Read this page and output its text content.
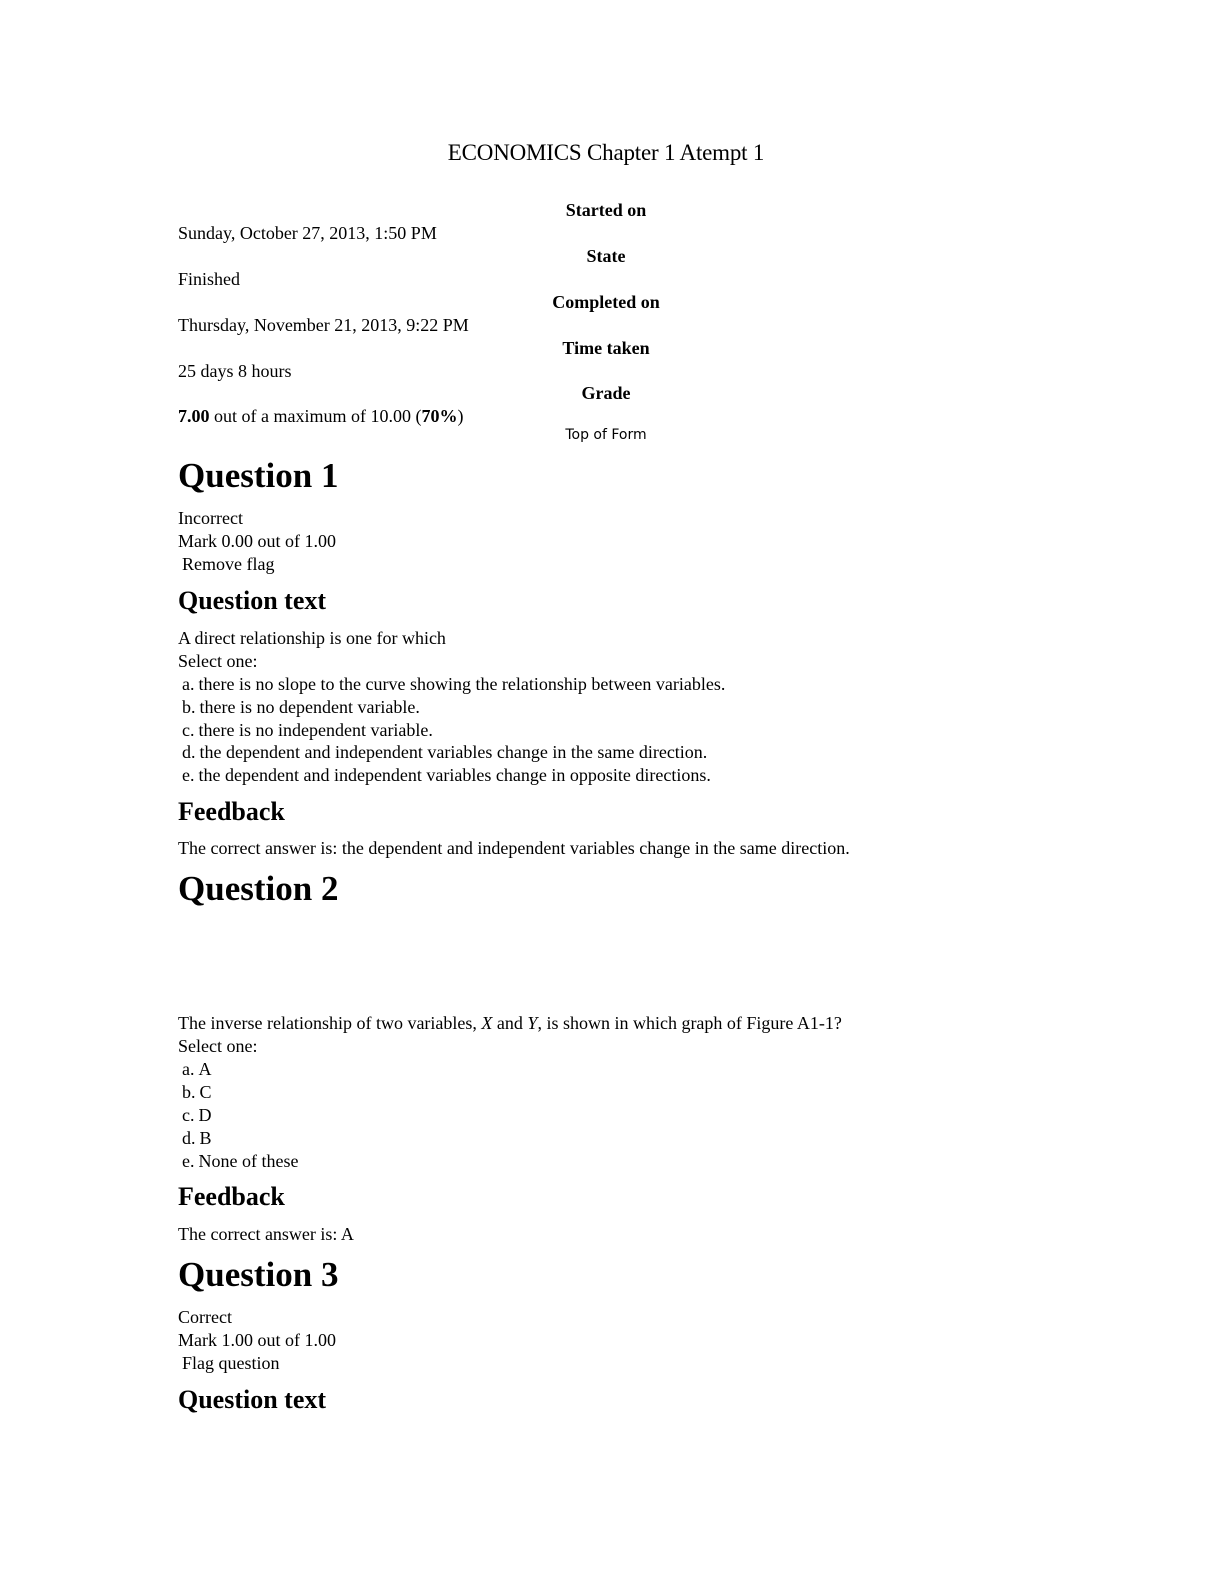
ECONOMICS Chapter 1 Atempt 1
Started on
Sunday, October 27, 2013, 1:50 PM
State
Finished
Completed on
Thursday, November 21, 2013, 9:22 PM
Time taken
25 days 8 hours
Grade
7.00 out of a maximum of 10.00 (70%)
Top of Form
Question 1
Incorrect
Mark 0.00 out of 1.00
Remove flag
Question text
A direct relationship is one for which
Select one:
a. there is no slope to the curve showing the relationship between variables.
b. there is no dependent variable.
c. there is no independent variable.
d. the dependent and independent variables change in the same direction.
e. the dependent and independent variables change in opposite directions.
Feedback
The correct answer is: the dependent and independent variables change in the same direction.
Question 2
The inverse relationship of two variables, X and Y, is shown in which graph of Figure A1-1?
Select one:
a. A
b. C
c. D
d. B
e. None of these
Feedback
The correct answer is: A
Question 3
Correct
Mark 1.00 out of 1.00
Flag question
Question text
